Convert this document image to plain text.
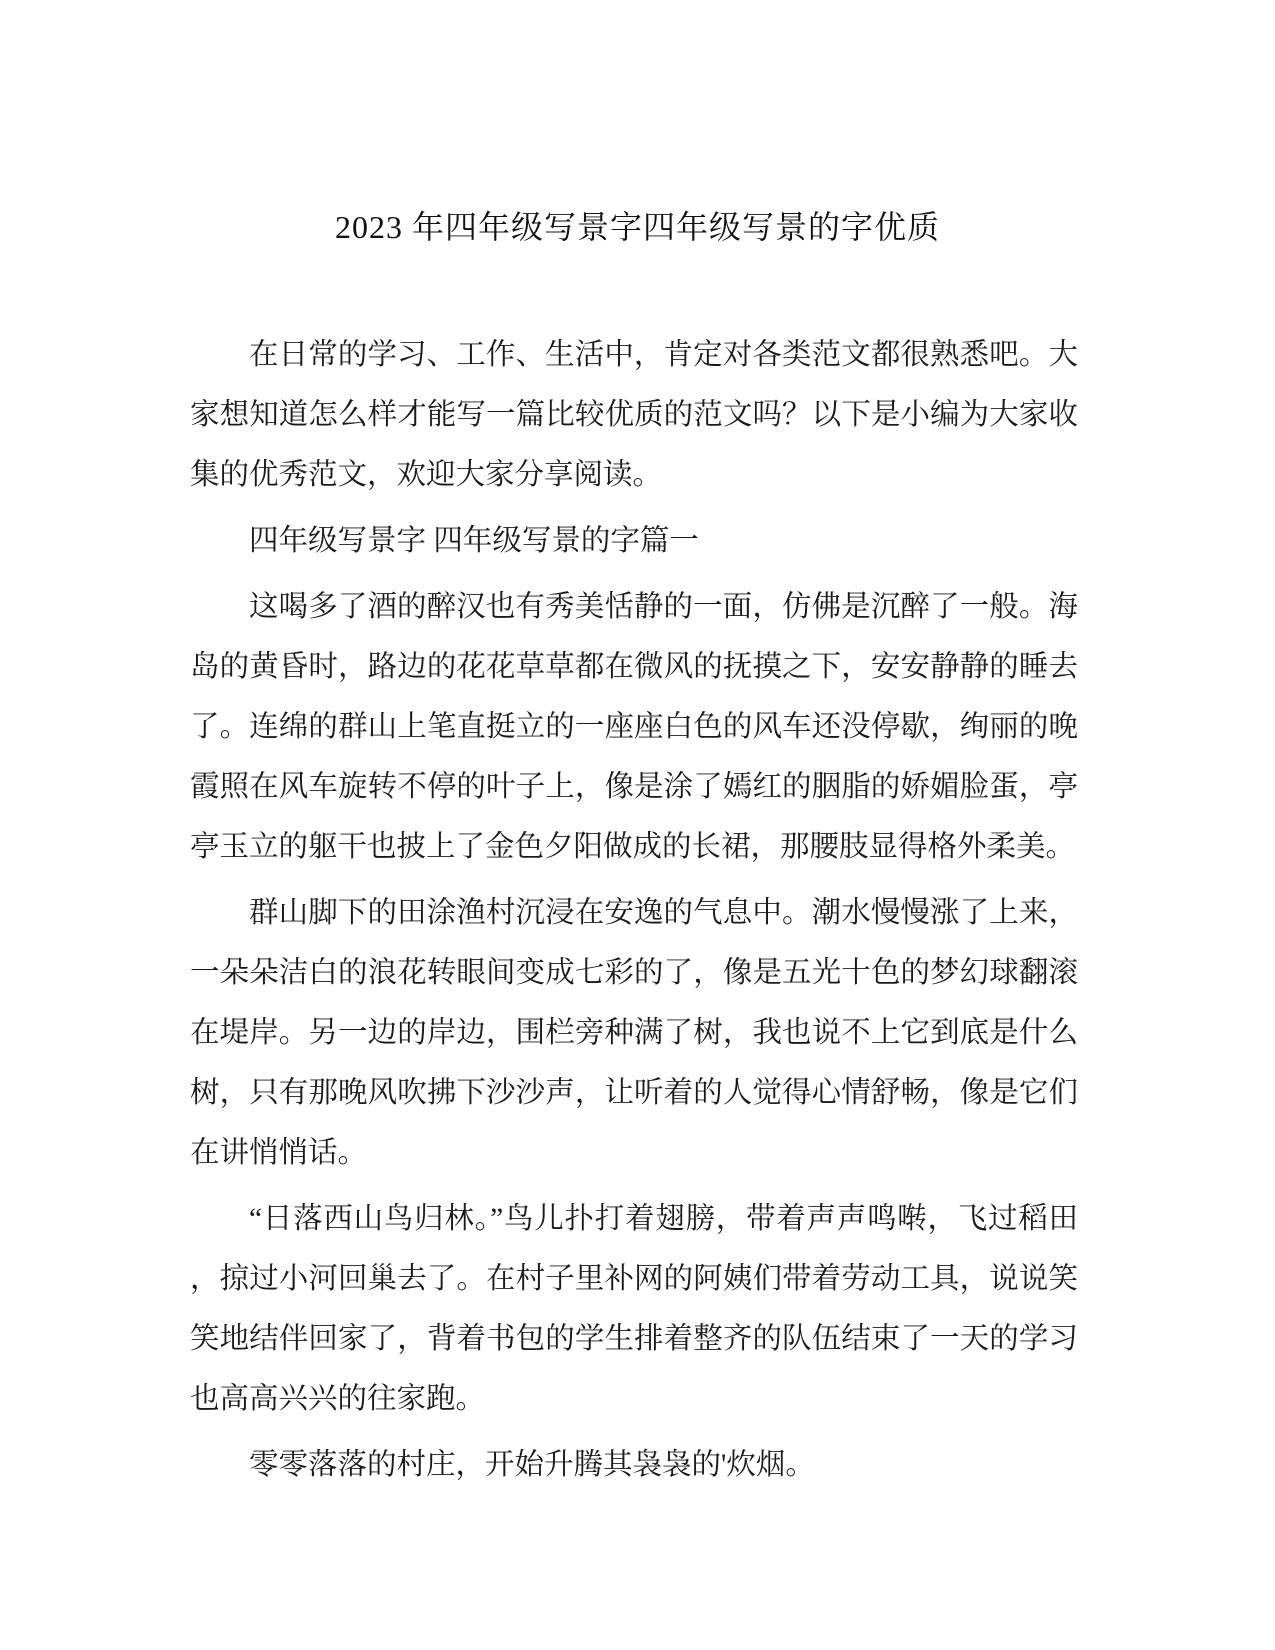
2023 年四年级写景字四年级写景的字优质
在日常的学习、工作、生活中，肯定对各类范文都很熟悉吧。大
家想知道怎么样才能写一篇比较优质的范文吗？以下是小编为大家收
集的优秀范文，欢迎大家分享阅读。
四年级写景字 四年级写景的字篇一
这喝多了酒的醉汉也有秀美恬静的一面，仿佛是沉醉了一般。海
岛的黄昏时，路边的花花草草都在微风的抚摸之下，安安静静的睡去
了。连绵的群山上笔直挺立的一座座白色的风车还没停歇，绚丽的晚
霞照在风车旋转不停的叶子上，像是涂了嫣红的胭脂的娇媚脸蛋，亭
亭玉立的躯干也披上了金色夕阳做成的长裙，那腰肢显得格外柔美。
群山脚下的田涂渔村沉浸在安逸的气息中。潮水慢慢涨了上来，
一朵朵洁白的浪花转眼间变成七彩的了，像是五光十色的梦幻球翻滚
在堤岸。另一边的岸边，围栏旁种满了树，我也说不上它到底是什么
树，只有那晚风吹拂下沙沙声，让听着的人觉得心情舒畅，像是它们
在讲悄悄话。
“日落西山鸟归林。”鸟儿扑打着翅膀，带着声声鸣啭，飞过稻田
，掠过小河回巢去了。在村子里补网的阿姨们带着劳动工具，说说笑
笑地结伴回家了，背着书包的学生排着整齐的队伍结束了一天的学习
也高高兴兴的往家跑。
零零落落的村庄，开始升腾其袅袅的'炊烟。
